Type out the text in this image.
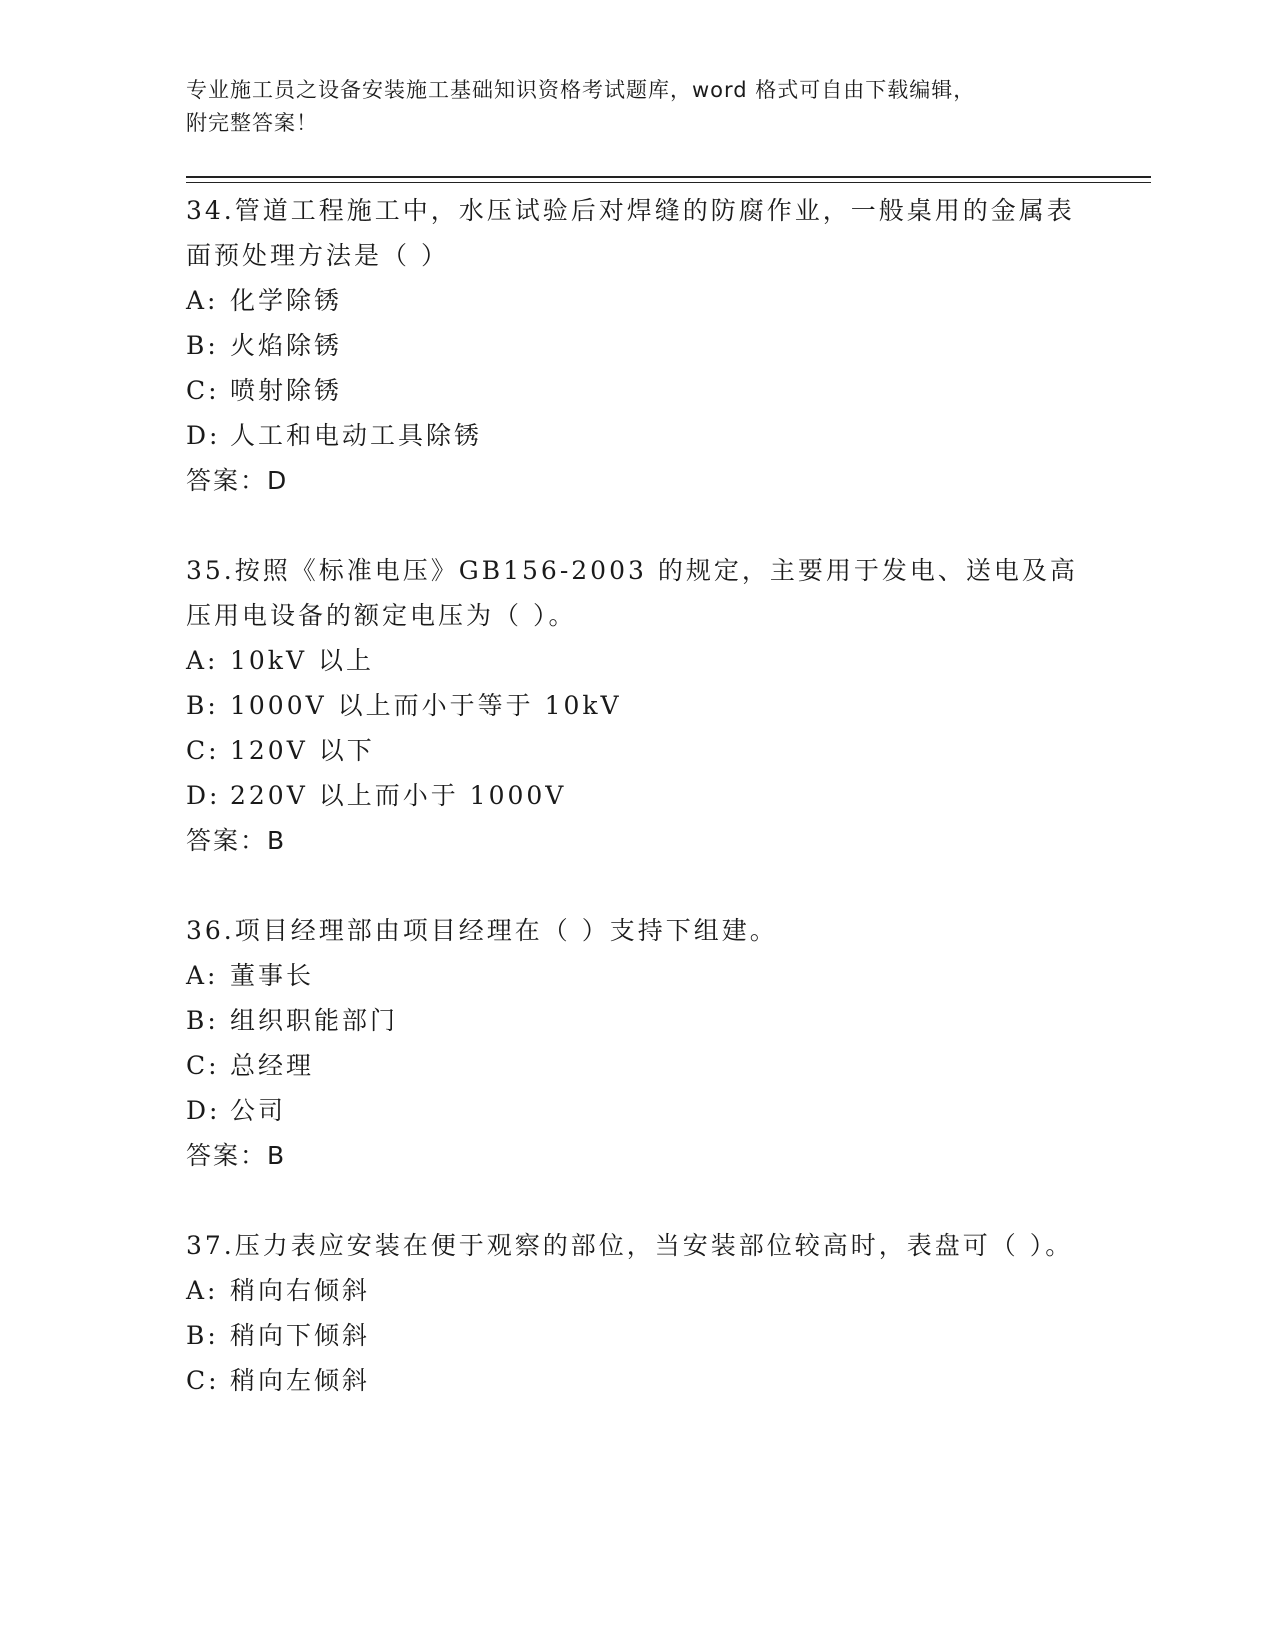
专业施工员之设备安装施工基础知识资格考试题库，word 格式可自由下载编辑，
附完整答案！
34.管道工程施工中，水压试验后对焊缝的防腐作业，一般桌用的金属表面预处理方法是（ ）
A: 化学除锈
B: 火焰除锈
C: 喷射除锈
D: 人工和电动工具除锈
答案：D
35.按照《标准电压》GB156-2003 的规定，主要用于发电、送电及高压用电设备的额定电压为（ ）。
A: 10kV 以上
B: 1000V 以上而小于等于 10kV
C: 120V 以下
D: 220V 以上而小于 1000V
答案：B
36.项目经理部由项目经理在（ ）支持下组建。
A: 董事长
B: 组织职能部门
C: 总经理
D: 公司
答案：B
37.压力表应安装在便于观察的部位，当安装部位较高时，表盘可（ ）。
A: 稍向右倾斜
B: 稍向下倾斜
C: 稍向左倾斜
